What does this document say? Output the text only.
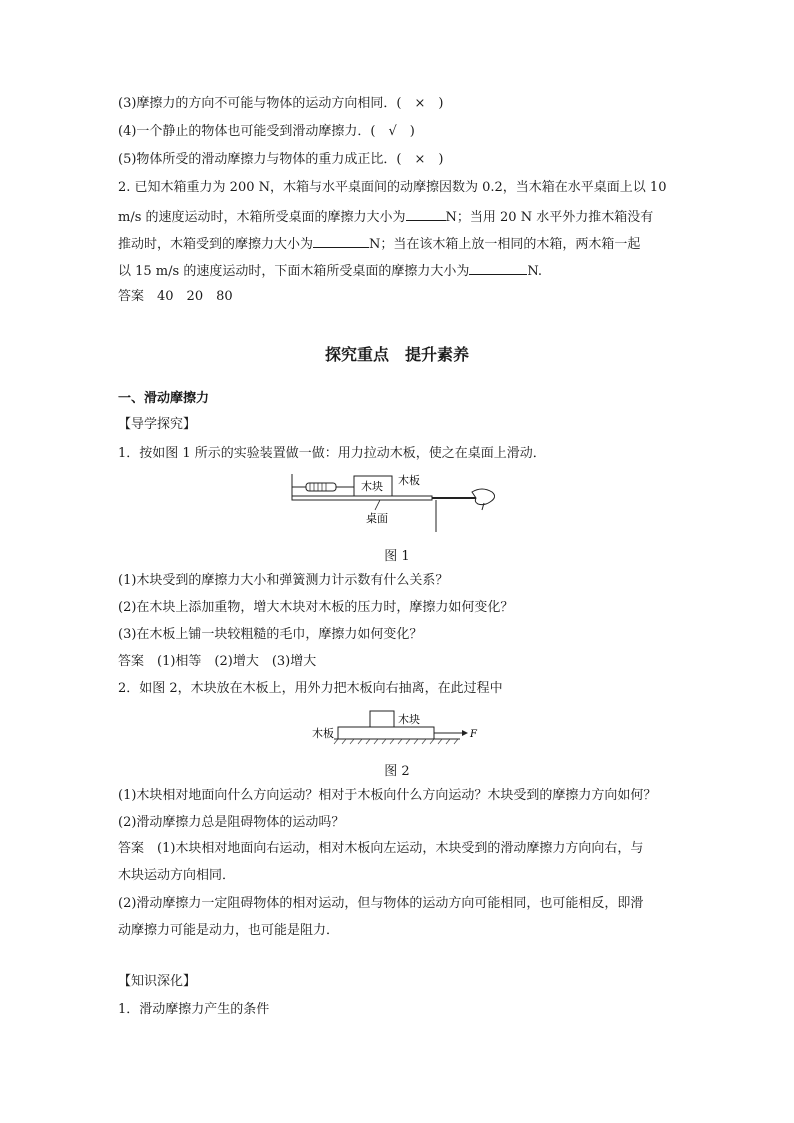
(3)摩擦力的方向不可能与物体的运动方向相同．(　×　)
(4)一个静止的物体也可能受到滑动摩擦力．(　√　)
(5)物体所受的滑动摩擦力与物体的重力成正比．(　×　)
2. 已知木箱重力为 200 N，木箱与水平桌面间的动摩擦因数为 0.2，当木箱在水平桌面上以 10
m/s 的速度运动时，木箱所受桌面的摩擦力大小为	N；当用 20 N 水平外力推木箱没有
推动时，木箱受到的摩擦力大小为	N；当在该木箱上放一相同的木箱，两木箱一起
以 15 m/s 的速度运动时，下面木箱所受桌面的摩擦力大小为	N.
答案　40　20　80
探究重点　提升素养
一、滑动摩擦力
【导学探究】
1．按如图 1 所示的实验装置做一做：用力拉动木板，使之在桌面上滑动．
木块 木板
桌面
图 1
(1)木块受到的摩擦力大小和弹簧测力计示数有什么关系？
(2)在木块上添加重物，增大木块对木板的压力时，摩擦力如何变化？
(3)在木板上铺一块较粗糙的毛巾，摩擦力如何变化？
答案　(1)相等　(2)增大　(3)增大
2．如图 2，木块放在木板上，用外力把木板向右抽离，在此过程中
木块
木板	F
图 2
(1)木块相对地面向什么方向运动？相对于木板向什么方向运动？木块受到的摩擦力方向如何？
(2)滑动摩擦力总是阻碍物体的运动吗？
答案　(1)木块相对地面向右运动，相对木板向左运动，木块受到的滑动摩擦力方向向右，与
木块运动方向相同．
(2)滑动摩擦力一定阻碍物体的相对运动，但与物体的运动方向可能相同，也可能相反，即滑
动摩擦力可能是动力，也可能是阻力．
【知识深化】
1．滑动摩擦力产生的条件
